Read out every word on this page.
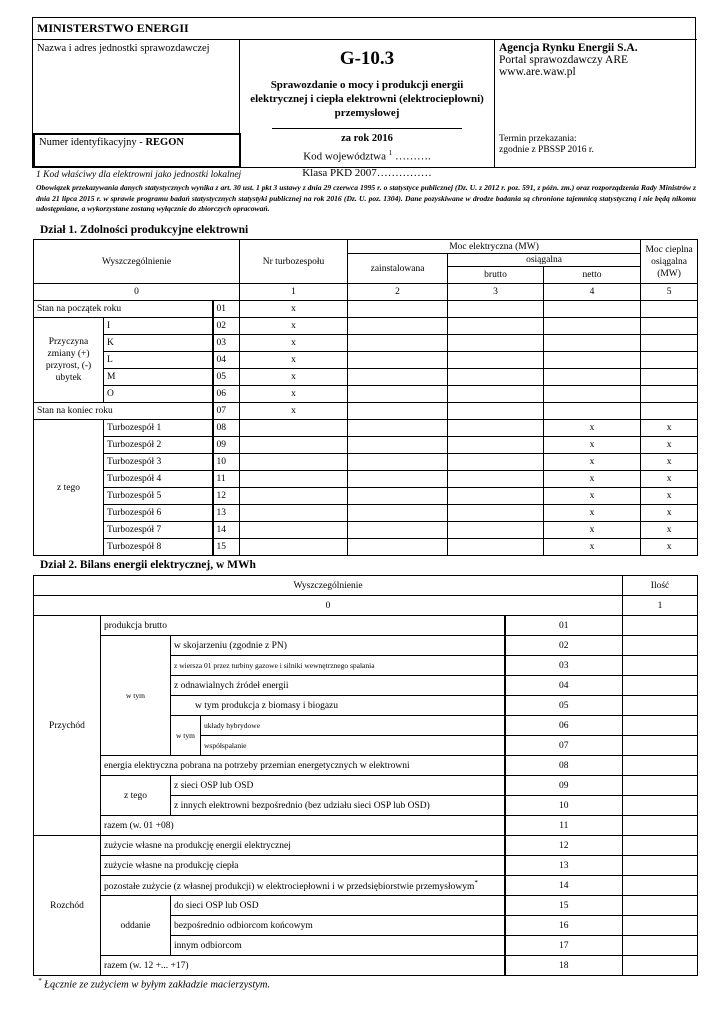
MINISTERSTWO ENERGII
Nazwa i adres jednostki sprawozdawczej
Numer identyfikacyjny - REGON
G-10.3
Sprawozdanie o mocy i produkcji energii elektrycznej i ciepła elektrowni (elektrociepłowni) przemysłowej
za rok 2016
Kod województwa $^1$ ……….
Klasa PKD 2007……………
Agencja Rynku Energii S.A.
Portal sprawozdawczy ARE
www.are.waw.pl
Termin przekazania:
zgodnie z PBSSP 2016 r.
1 Kod właściwy dla elektrowni jako jednostki lokalnej
Obowiązek przekazywania danych statystycznych wynika z art. 30 ust. 1 pkt 3 ustawy z dnia 29 czerwca 1995 r. o statystyce publicznej (Dz. U. z 2012 r. poz. 591, z późn. zm.) oraz rozporządzenia Rady Ministrów z dnia 21 lipca 2015 r. w sprawie programu badań statystycznych statystyki publicznej na rok 2016 (Dz. U. poz. 1304). Dane pozyskiwane w drodze badania są chronione tajemnicą statystyczną i nie będą nikomu udostępniane, a wykorzystane zostaną wyłącznie do zbiorczych opracowań.
Dział 1. Zdolności produkcyjne elektrowni
Wyszczególnienie			Nr turbozespołu	Moc elektryczna (MW)			Moc cieplna osiągalna (MW)
				zainstalowana	osiągalna		
					brutto	netto	
0			1	2	3	4	5
Stan na początek roku		01	x				
Przyczyna zmiany (+) przyrost, (-) ubytek	I	02	x				
	K	03	x				
	L	04	x				
	M	05	x				
	O	06	x				
Stan na koniec roku		07	x				
z tego	Turbozespół 1	08				x	x
	Turbozespół 2	09				x	x
	Turbozespół 3	10				x	x
	Turbozespół 4	11				x	x
	Turbozespół 5	12				x	x
	Turbozespół 6	13				x	x
	Turbozespół 7	14				x	x
	Turbozespół 8	15				x	x
Dział 2. Bilans energii elektrycznej, w MWh
Wyszczególnienie					Ilość
0					1
Przychód	produkcja brutto			01	
	w tym	w skojarzeniu (zgodnie z PN)		02	
		z wiersza 01 przez turbiny gazowe i silniki wewnętrznego spalania		03	
		z odnawialnych źródeł energii		04	
		w tym produkcja z biomasy i biogazu		05	
		w tym	układy hybrydowe	06	
			współspalanie	07	
	energia elektryczna pobrana na potrzeby przemian energetycznych w elektrowni			08	
	z tego	z sieci OSP lub OSD		09	
		z innych elektrowni bezpośrednio (bez udziału sieci OSP lub OSD)		10	
	razem (w. 01 +08)			11	
Rozchód	zużycie własne na produkcję energii elektrycznej			12	
	zużycie własne na produkcję ciepła			13	
	pozostałe zużycie (z własnej produkcji) w elektrociepłowni i w przedsiębiorstwie przemysłowym*			14	
	oddanie	do sieci OSP lub OSD		15	
		bezpośrednio odbiorcom końcowym		16	
		innym odbiorcom		17	
	razem (w. 12 +... +17)			18	
* Łącznie ze zużyciem w byłym zakładzie macierzystym.
